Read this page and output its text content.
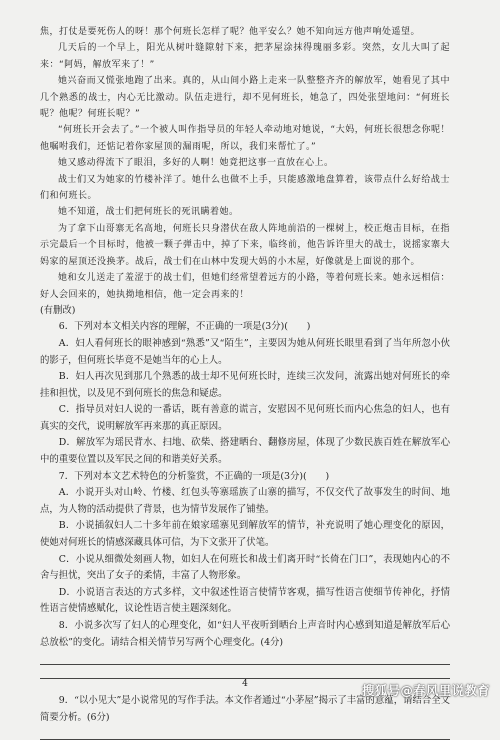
焦，打仗是要死伤人的呀！那个何班长怎样了呢？他平安么？她不知向远方他声响处遥望。

几天后的一个早上，阳光从树叶缝隙射下来，把茅屋涂抹得瑰丽多彩。突然，女儿大叫了起来：“阿妈，解放军来了！”

她兴奋而又慌张地跑了出来。真的，从山间小路上走来一队整整齐齐的解放军，她看见了其中几个熟悉的战士，内心无比激动。队伍走进行，却不见何班长，她急了，四处张望地问：“何班长呢？他呢？何班长呢？”

“何班长开会去了。”一个被人叫作指导员的年轻人牵动地对她说，“大妈，何班长很想念你呢！他嘱咐我们，还惦记着你家屋顶的漏雨呢，所以，我们来帮忙了。”

她又感动得流下了眼泪，多好的人啊！她竟把这事一直放在心上。

战士们又为她家的竹楼补洋了。她什么也做不上手，只能感激地盘算着，该带点什么好给战士们和何班长。

她不知道，战士们把何班长的死讯瞒着她。

为了拿下山哥寨无名高地，何班长只身潜伏在敌人阵地前沿的一棵树上，校正炮击目标，在指示完最后一个目标时，他被一颗子弹击中，掉了下来，临终前，他告诉许里大的战士，说摇家寨大妈家的屋顶还没换茅。战后，战士们在山林中发现大妈的小木屋，好像就是上面说的那个。

她和女儿送走了羞涩于的战士们，但她们经常望着远方的小路，等着何班长来。她永远相信：好人会回来的，她执拗地相信，他一定会再来的！

(有删改)

6．下列对本文相关内容的理解，不正确的一项是(3分)(　　)

A．妇人看何班长的眼神感到“熟悉”又“陌生”，主要因为她从何班长眼里看到了当年所忽小伙的影子，但何班长毕竟不是她当年的心上人。

B．妇人再次见到那几个熟悉的战士却不见何班长时，连续三次发问，流露出她对何班长的牵挂和担忧，以及见不到何班长的焦急和疑虑。

C．指导员对妇人说的一番话，既有善意的谎言，安慰因不见何班长而内心焦急的妇人，也有真实的交代，说明解放军再来那的真正原因。

D．解放军为瑶民背水、扫地、砍柴、搭建晒台、翻修房屋，体现了少数民族百姓在解放军心中的重要位置以及军民之间的和谐美好关系。

7．下列对本文艺术特色的分析鉴赏，不正确的一项是(3分)(　　)

A．小说开头对山岭、竹楼、红包头等寨瑶族了山寨的描写，不仅交代了故事发生的时间、地点，为人物的活动提供了背景，也为情节发展作了铺垫。

B．小说插叙妇人二十多年前在娘家瑶寨见到解放军的情节，补充说明了她心理变化的原因，使她对何班长的情感深藏具体可信，为下文张开了伏笔。

C．小说从细微处刻画人物，如妇人在何班长和战士们离开时“长倚在门口”，表现她内心的不舍与担忧，突出了女子的柔情，丰富了人物形象。

D．小说语言表达的方式多样，文中叙述性语言使情节客观，描写性语言使细节传神化，抒情性语言使情感赋化，议论性语言使主题深刻化。

8．小说多次写了妇人的心理变化，如“妇人平夜听到晒台上声音时内心感到知道是解放军后心总放松”的变化。请结合相关情节另写两个心理变化。(4分)

9．“以小见大”是小说常见的写作手法。本文作者通过“小茅屋”揭示了丰富的意蕴，请结合全文简要分析。(6分)

4	搜狐号@春风里说教育
